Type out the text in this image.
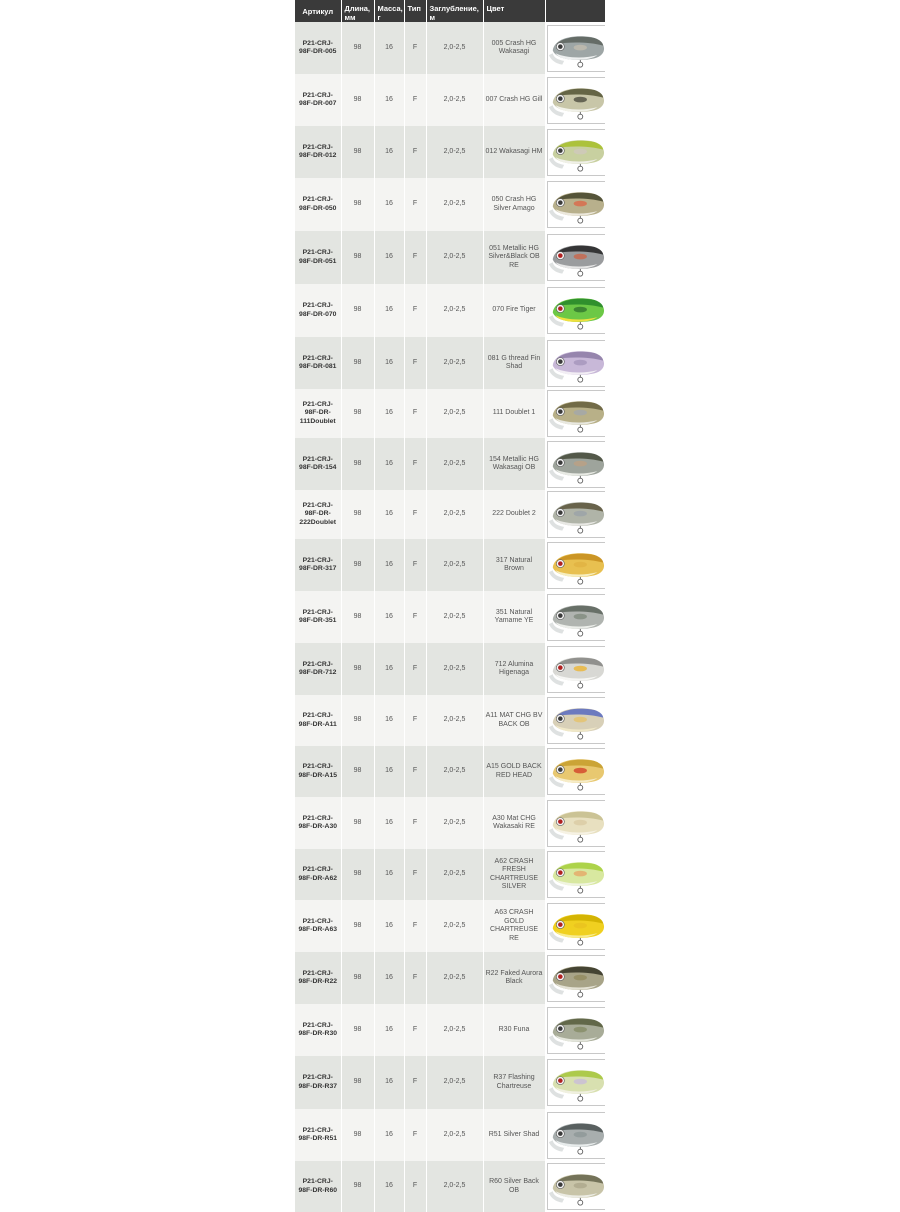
Артикул	Длина, мм	Масса, г	Тип	Заглубление, м	Цвет	
P21-CRJ-98F-DR-005	98	16	F	2,0-2,5	005 Crash HG Wakasagi	

P21-CRJ-98F-DR-007	98	16	F	2,0-2,5	007 Crash HG Gill	

P21-CRJ-98F-DR-012	98	16	F	2,0-2,5	012 Wakasagi HM	

P21-CRJ-98F-DR-050	98	16	F	2,0-2,5	050 Crash HG Silver Amago	

P21-CRJ-98F-DR-051	98	16	F	2,0-2,5	051 Metallic HG Silver&Black OB RE	

P21-CRJ-98F-DR-070	98	16	F	2,0-2,5	070 Fire Tiger	

P21-CRJ-98F-DR-081	98	16	F	2,0-2,5	081 G thread Fin Shad	

P21-CRJ-98F-DR-111Doublet	98	16	F	2,0-2,5	111 Doublet 1	

P21-CRJ-98F-DR-154	98	16	F	2,0-2,5	154 Metallic HG Wakasagi OB	

P21-CRJ-98F-DR-222Doublet	98	16	F	2,0-2,5	222 Doublet 2	

P21-CRJ-98F-DR-317	98	16	F	2,0-2,5	317 Natural Brown	

P21-CRJ-98F-DR-351	98	16	F	2,0-2,5	351 Natural Yamame YE	

P21-CRJ-98F-DR-712	98	16	F	2,0-2,5	712 Alumina Higenaga	

P21-CRJ-98F-DR-A11	98	16	F	2,0-2,5	A11 MAT CHG BV BACK OB	

P21-CRJ-98F-DR-A15	98	16	F	2,0-2,5	A15 GOLD BACK RED HEAD	

P21-CRJ-98F-DR-A30	98	16	F	2,0-2,5	A30 Mat CHG Wakasaki RE	

P21-CRJ-98F-DR-A62	98	16	F	2,0-2,5	A62 CRASH FRESH CHARTREUSE SILVER	

P21-CRJ-98F-DR-A63	98	16	F	2,0-2,5	A63 CRASH GOLD CHARTREUSE RE	

P21-CRJ-98F-DR-R22	98	16	F	2,0-2,5	R22 Faked Aurora Black	

P21-CRJ-98F-DR-R30	98	16	F	2,0-2,5	R30 Funa	

P21-CRJ-98F-DR-R37	98	16	F	2,0-2,5	R37 Flashing Chartreuse	

P21-CRJ-98F-DR-R51	98	16	F	2,0-2,5	R51 Silver Shad	

P21-CRJ-98F-DR-R60	98	16	F	2,0-2,5	R60 Silver Back OB	
